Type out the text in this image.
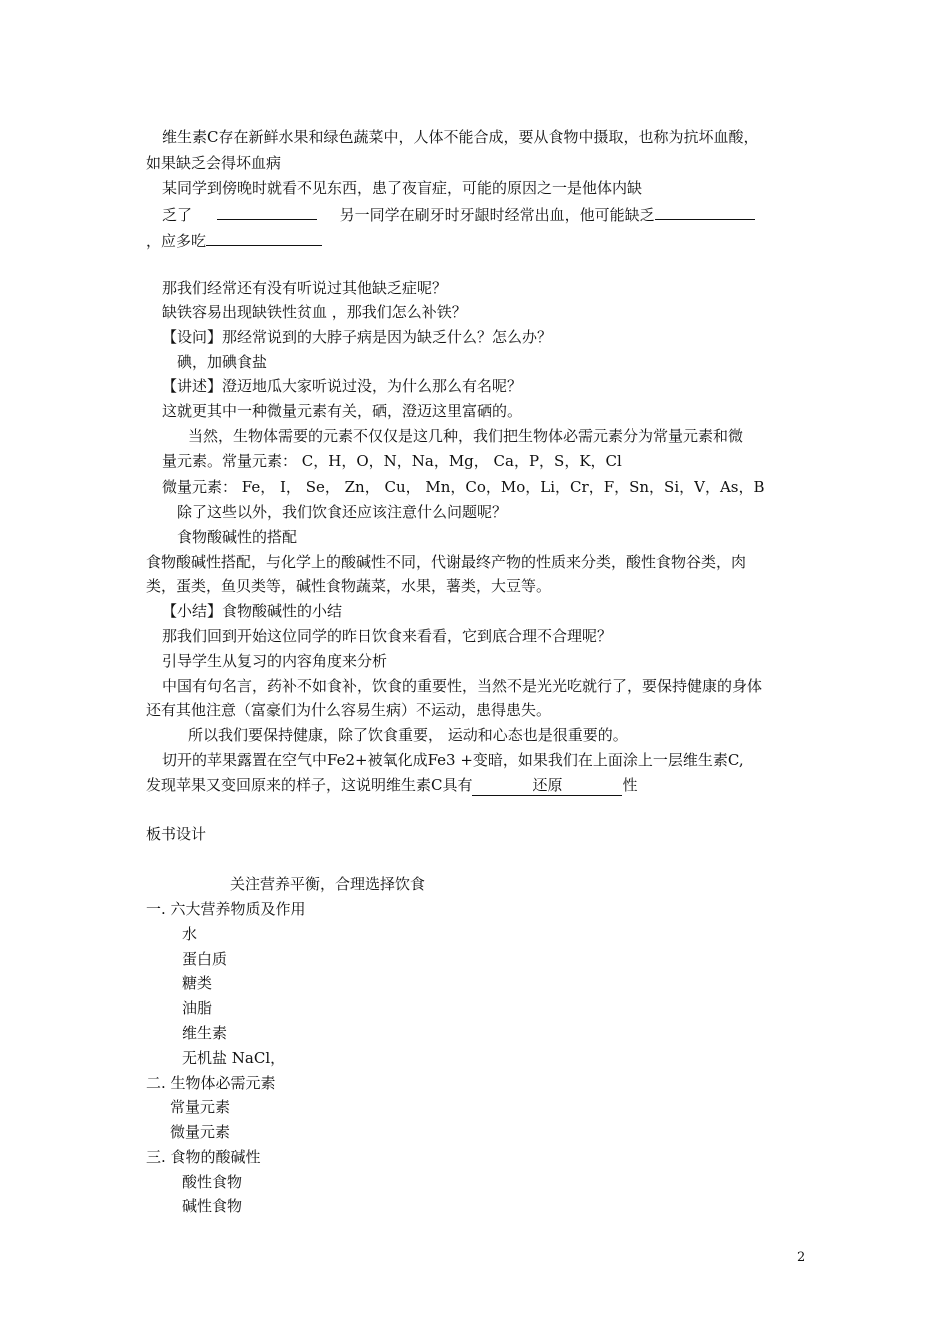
维生素C存在新鲜水果和绿色蔬菜中，人体不能合成，要从食物中摄取，也称为抗坏血酸，
如果缺乏会得坏血病
某同学到傍晚时就看不见东西，患了夜盲症，可能的原因之一是他体内缺
乏了	另一同学在刷牙时牙龈时经常出血，他可能缺乏
，应多吃
那我们经常还有没有听说过其他缺乏症呢？
缺铁容易出现缺铁性贫血 ，那我们怎么补铁？
【设问】那经常说到的大脖子病是因为缺乏什么？怎么办？
碘，加碘食盐
【讲述】澄迈地瓜大家听说过没，为什么那么有名呢？
这就更其中一种微量元素有关，硒，澄迈这里富硒的。
当然，生物体需要的元素不仅仅是这几种，我们把生物体必需元素分为常量元素和微
量元素。常量元素： C，H，O，N，Na，Mg， Ca，P，S，K，Cl
微量元素： Fe， I， Se， Zn， Cu， Mn，Co，Mo，Li，Cr，F，Sn，Si，V，As，B
除了这些以外，我们饮食还应该注意什么问题呢？
食物酸碱性的搭配
食物酸碱性搭配，与化学上的酸碱性不同，代谢最终产物的性质来分类，酸性食物谷类，肉
类，蛋类，鱼贝类等，碱性食物蔬菜，水果，薯类，大豆等。
【小结】食物酸碱性的小结
那我们回到开始这位同学的昨日饮食来看看，它到底合理不合理呢？
引导学生从复习的内容角度来分析
中国有句名言，药补不如食补，饮食的重要性，当然不是光光吃就行了，要保持健康的身体
还有其他注意（富豪们为什么容易生病）不运动，患得患失。
所以我们要保持健康，除了饮食重要， 运动和心态也是很重要的。
切开的苹果露置在空气中Fe2+被氧化成Fe3 +变暗，如果我们在上面涂上一层维生素C,
发现苹果又变回原来的样子，这说明维生素C具有	还原	性
板书设计
关注营养平衡，合理选择饮食
一. 六大营养物质及作用
水
蛋白质
糖类
油脂
维生素
无机盐 NaCl，
二. 生物体必需元素
常量元素
微量元素
三. 食物的酸碱性
酸性食物
碱性食物
2
